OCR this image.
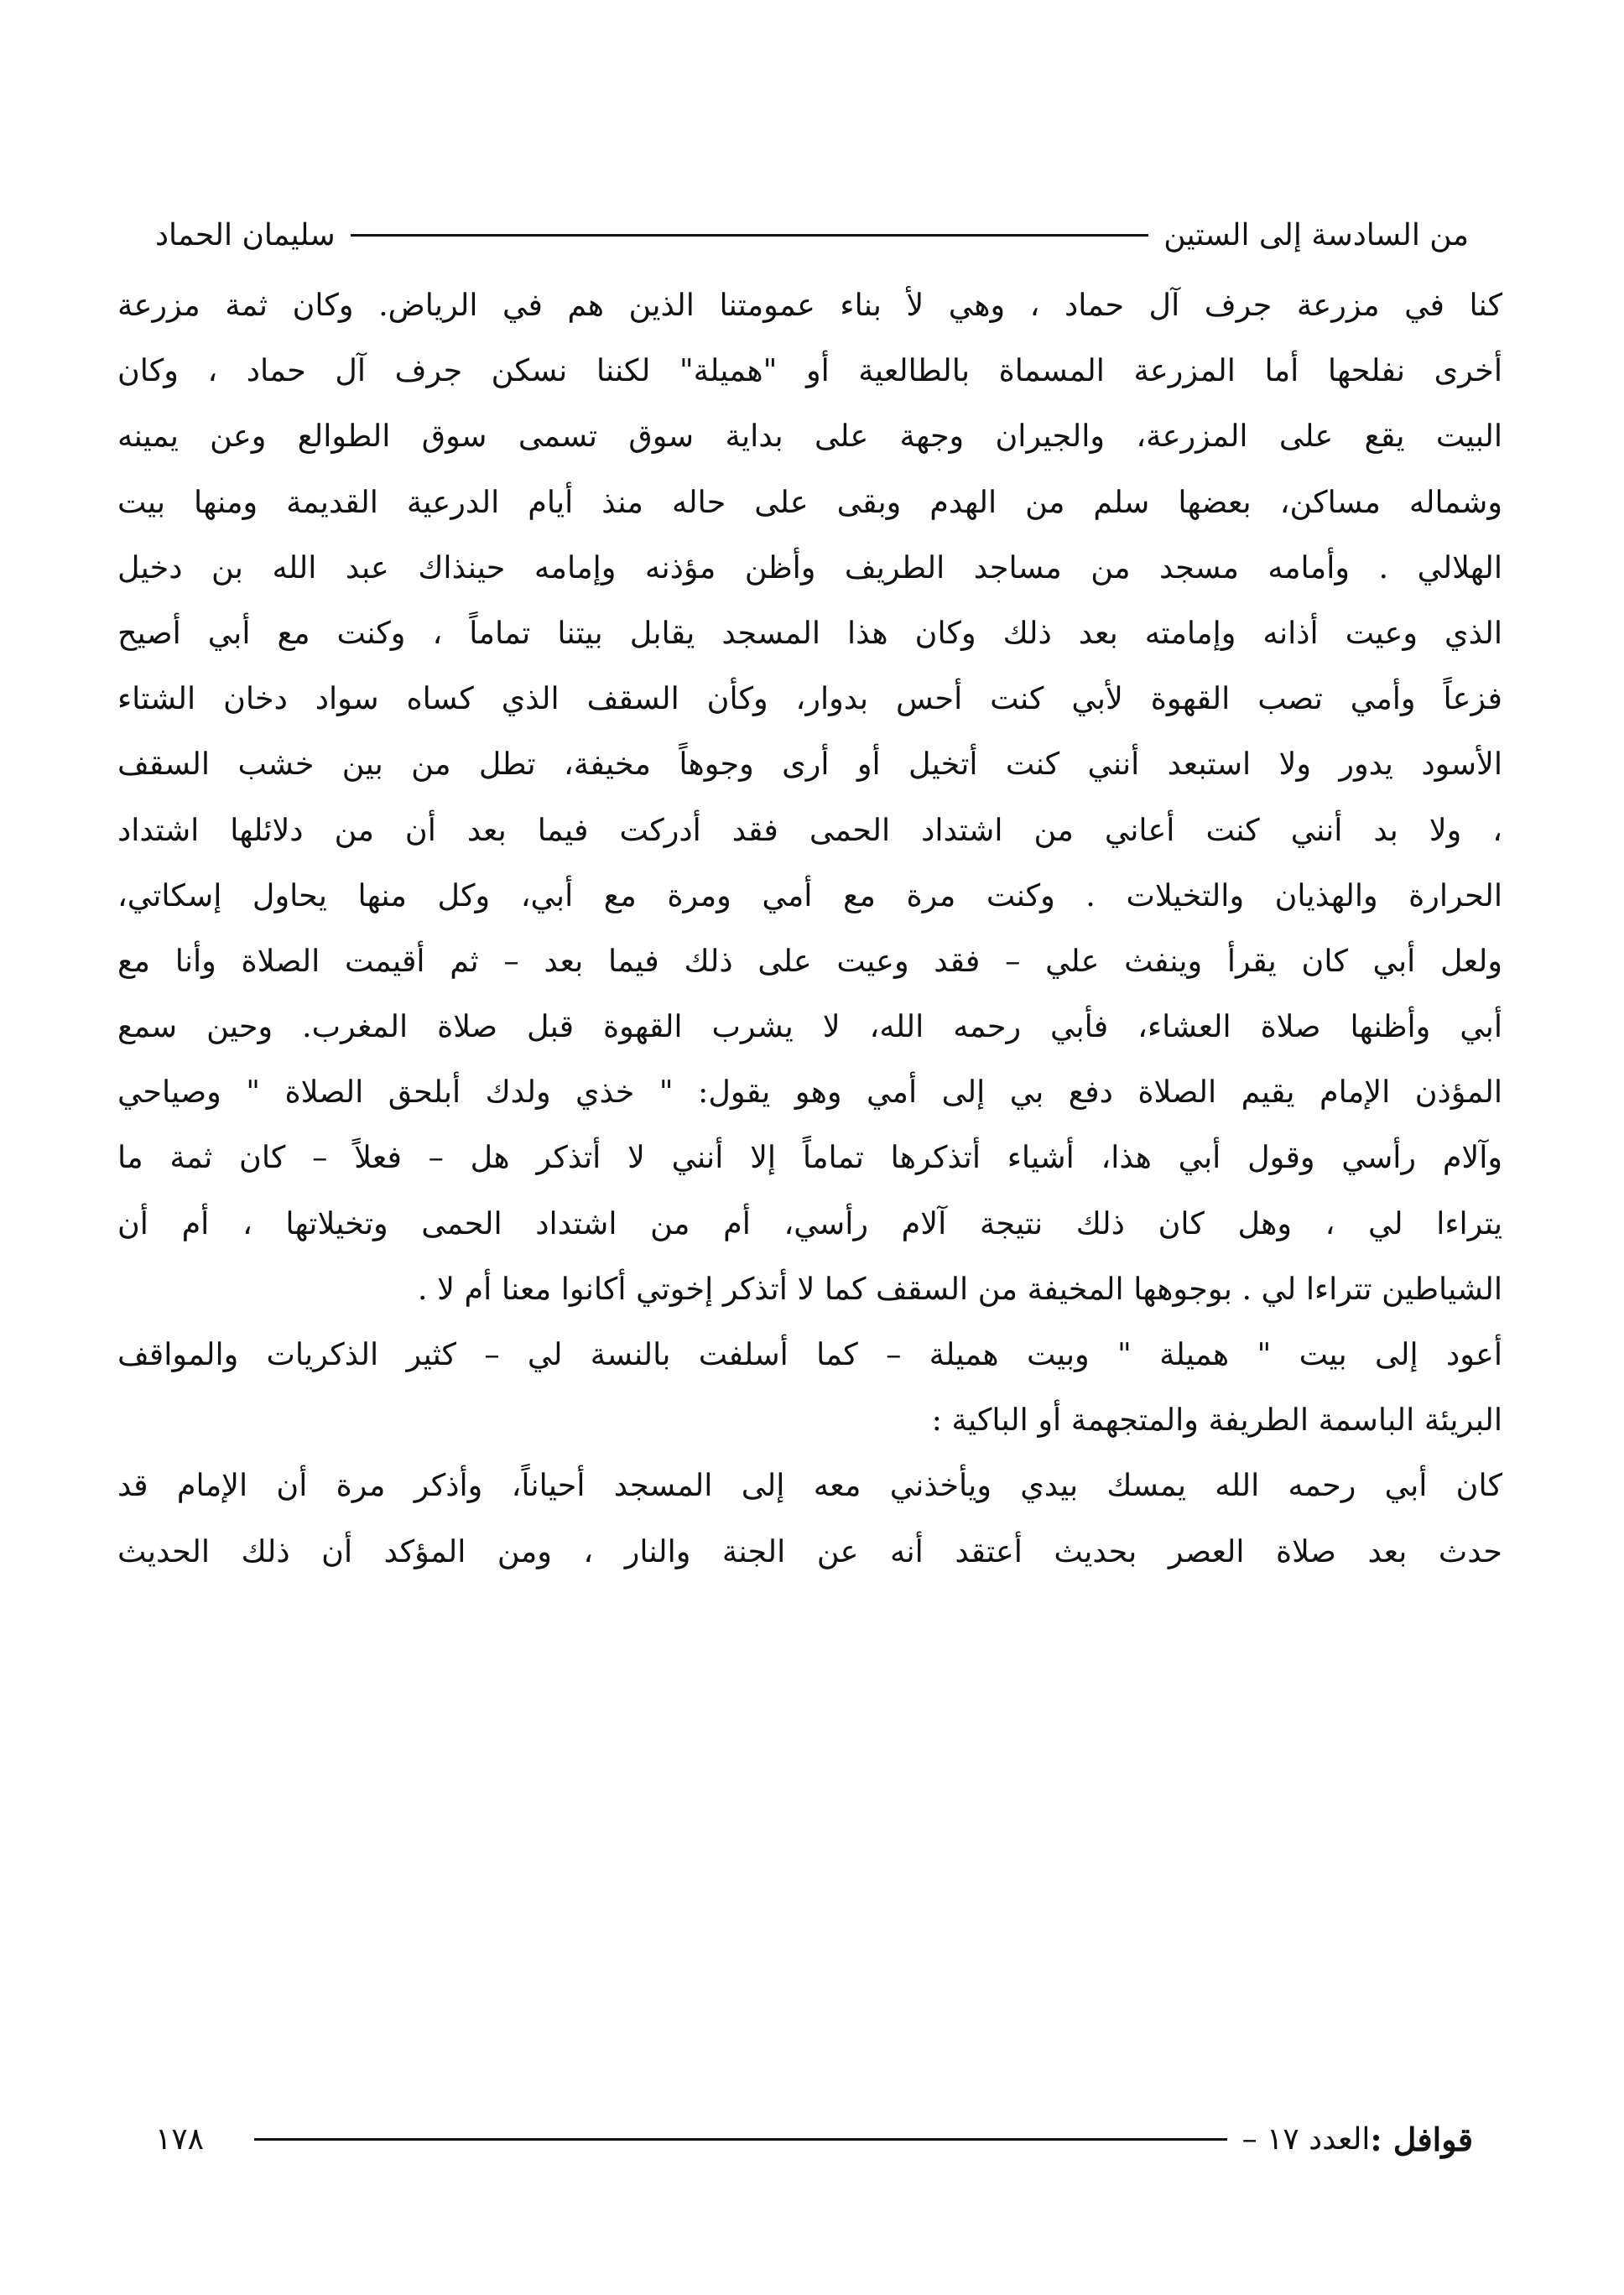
من السادسة إلى الستين
سليمان الحماد
كنا في مزرعة جرف آل حماد ، وهي لأ بناء عمومتنا الذين هم في الرياض. وكان ثمة مزرعة
أخرى نفلحها أما المزرعة المسماة بالطالعية أو "هميلة" لكننا نسكن جرف آل حماد ، وكان
البيت يقع على المزرعة، والجيران وجهة على بداية سوق تسمى سوق الطوالع وعن يمينه
وشماله مساكن، بعضها سلم من الهدم وبقى على حاله منذ أيام الدرعية القديمة ومنها بيت
الهلالي . وأمامه مسجد من مساجد الطريف وأظن مؤذنه وإمامه حينذاك عبد الله بن دخيل
الذي وعيت أذانه وإمامته بعد ذلك وكان هذا المسجد يقابل بيتنا تماماً ، وكنت مع أبي أصيح
فزعاً وأمي تصب القهوة لأبي كنت أحس بدوار، وكأن السقف الذي كساه سواد دخان الشتاء
الأسود يدور ولا استبعد أنني كنت أتخيل أو أرى وجوهاً مخيفة، تطل من بين خشب السقف
، ولا بد أنني كنت أعاني من اشتداد الحمى فقد أدركت فيما بعد أن من دلائلها اشتداد
الحرارة والهذيان والتخيلات . وكنت مرة مع أمي ومرة مع أبي، وكل منها يحاول إسكاتي،
ولعل أبي كان يقرأ وينفث علي – فقد وعيت على ذلك فيما بعد – ثم أقيمت الصلاة وأنا مع
أبي وأظنها صلاة العشاء، فأبي رحمه الله، لا يشرب القهوة قبل صلاة المغرب. وحين سمع
المؤذن الإمام يقيم الصلاة دفع بي إلى أمي وهو يقول: " خذي ولدك أبلحق الصلاة " وصياحي
وآلام رأسي وقول أبي هذا، أشياء أتذكرها تماماً إلا أنني لا أتذكر هل – فعلاً – كان ثمة ما
يتراءا لي ، وهل كان ذلك نتيجة آلام رأسي، أم من اشتداد الحمى وتخيلاتها ، أم أن
الشياطين تتراءا لي . بوجوهها المخيفة من السقف كما لا أتذكر إخوتي أكانوا معنا أم لا .
أعود إلى بيت " هميلة " وبيت هميلة – كما أسلفت بالنسة لي – كثير الذكريات والمواقف
البريئة الباسمة الطريفة والمتجهمة أو الباكية :
كان أبي رحمه الله يمسك بيدي ويأخذني معه إلى المسجد أحياناً، وأذكر مرة أن الإمام قد
حدث بعد صلاة العصر بحديث أعتقد أنه عن الجنة والنار ، ومن المؤكد أن ذلك الحديث
قوافل :
العدد ١٧ –
١٧٨
